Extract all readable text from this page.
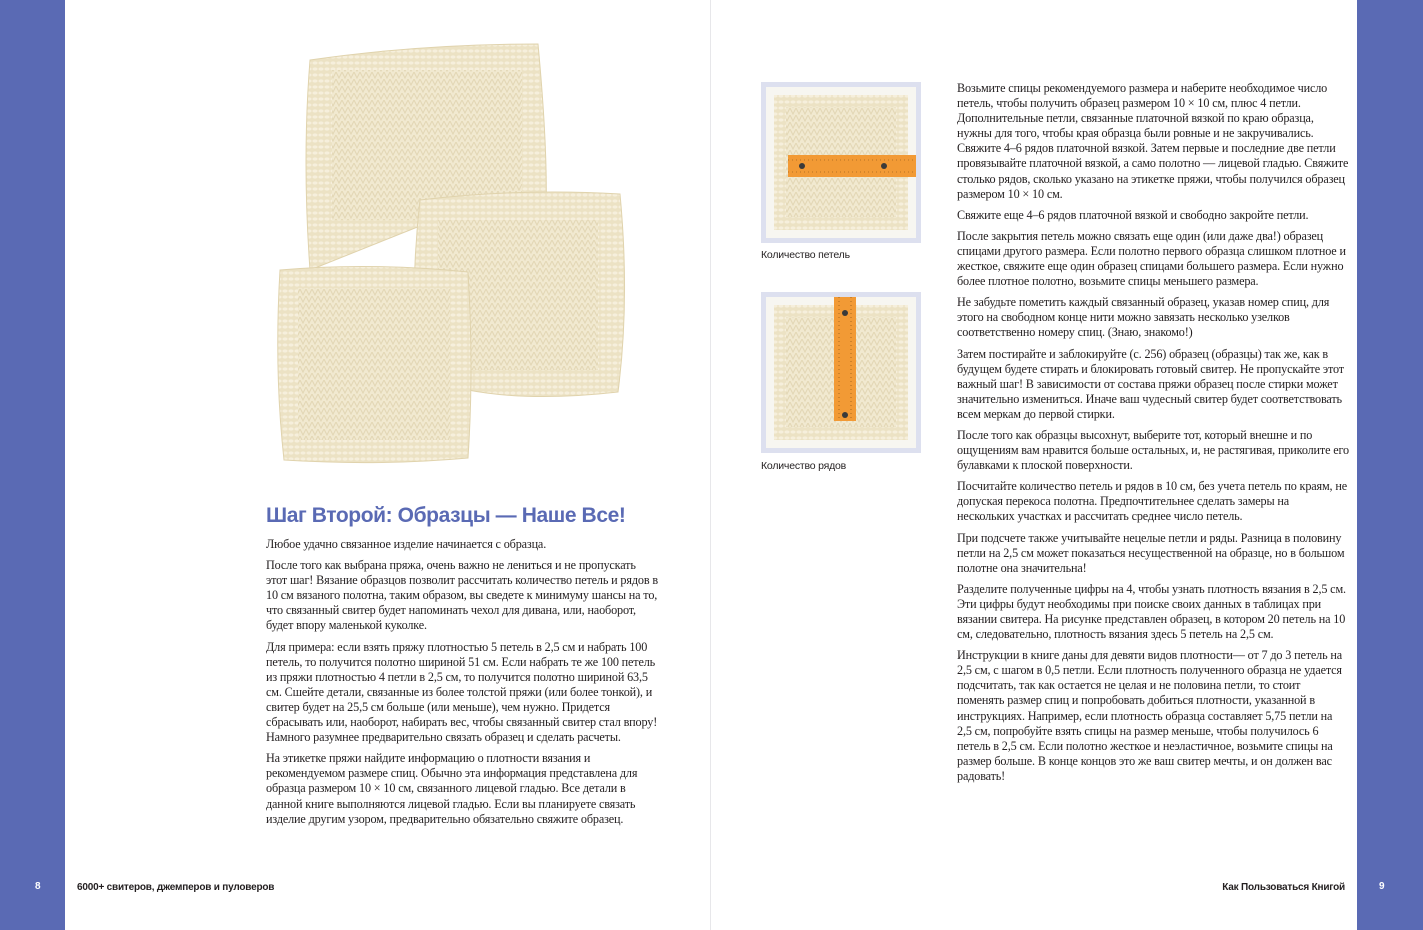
Шаг Второй: Образцы — Наше Все!

Любое удачно связанное изделие начинается с образца.

После того как выбрана пряжа, очень важно не лениться и не пропускать этот шаг! Вязание образцов позволит рассчитать количество петель и рядов в 10 см вязаного полотна, таким образом, вы сведете к минимуму шансы на то, что связанный свитер будет напоминать чехол для дивана, или, наоборот, будет впору маленькой куколке.

Для примера: если взять пряжу плотностью 5 петель в 2,5 см и набрать 100 петель, то получится полотно шириной 51 см. Если набрать те же 100 петель из пряжи плотностью 4 петли в 2,5 см, то получится полотно шириной 63,5 см. Сшейте детали, связанные из более толстой пряжи (или более тонкой), и свитер будет на 25,5 см больше (или меньше), чем нужно. Придется сбрасывать или, наоборот, набирать вес, чтобы связанный свитер стал впору! Намного разумнее предварительно связать образец и сделать расчеты.

На этикетке пряжи найдите информацию о плотности вязания и рекомендуемом размере спиц. Обычно эта информация представлена для образца размером 10 × 10 см, связанного лицевой гладью. Все детали в данной книге выполняются лицевой гладью. Если вы планируете связать изделие другим узором, предварительно обязательно свяжите образец.

8	6000+ свитеров, джемперов и пуловеров
Количество петель
Количество рядов

Возьмите спицы рекомендуемого размера и наберите необходимое число петель, чтобы получить образец размером 10 × 10 см, плюс 4 петли. Дополнительные петли, связанные платочной вязкой по краю образца, нужны для того, чтобы края образца были ровные и не закручивались. Свяжите 4–6 рядов платочной вязкой. Затем первые и последние две петли провязывайте платочной вязкой, а само полотно — лицевой гладью. Свяжите столько рядов, сколько указано на этикетке пряжи, чтобы получился образец размером 10 × 10 см.

Свяжите еще 4–6 рядов платочной вязкой и свободно закройте петли.

После закрытия петель можно связать еще один (или даже два!) образец спицами другого размера. Если полотно первого образца слишком плотное и жесткое, свяжите еще один образец спицами большего размера. Если нужно более плотное полотно, возьмите спицы меньшего размера.

Не забудьте пометить каждый связанный образец, указав номер спиц, для этого на свободном конце нити можно завязать несколько узелков соответственно номеру спиц. (Знаю, знакомо!)

Затем постирайте и заблокируйте (с. 256) образец (образцы) так же, как в будущем будете стирать и блокировать готовый свитер. Не пропускайте этот важный шаг! В зависимости от состава пряжи образец после стирки может значительно измениться. Иначе ваш чудесный свитер будет соответствовать всем меркам до первой стирки.

После того как образцы высохнут, выберите тот, который внешне и по ощущениям вам нравится больше остальных, и, не растягивая, приколите его булавками к плоской поверхности.

Посчитайте количество петель и рядов в 10 см, без учета петель по краям, не допуская перекоса полотна. Предпочтительнее сделать замеры на нескольких участках и рассчитать среднее число петель.

При подсчете также учитывайте нецелые петли и ряды. Разница в половину петли на 2,5 см может показаться несущественной на образце, но в большом полотне она значительна!

Разделите полученные цифры на 4, чтобы узнать плотность вязания в 2,5 см. Эти цифры будут необходимы при поиске своих данных в таблицах при вязании свитера. На рисунке представлен образец, в котором 20 петель на 10 см, следовательно, плотность вязания здесь 5 петель на 2,5 см.

Инструкции в книге даны для девяти видов плотности— от 7 до 3 петель на 2,5 см, с шагом в 0,5 петли. Если плотность полученного образца не удается подсчитать, так как остается не целая и не половина петли, то стоит поменять размер спиц и попробовать добиться плотности, указанной в инструкциях. Например, если плотность образца составляет 5,75 петли на 2,5 см, попробуйте взять спицы на размер меньше, чтобы получилось 6 петель в 2,5 см. Если полотно жесткое и неэластичное, возьмите спицы на размер больше. В конце концов это же ваш свитер мечты, и он должен вас радовать!

Как Пользоваться Книгой	9
